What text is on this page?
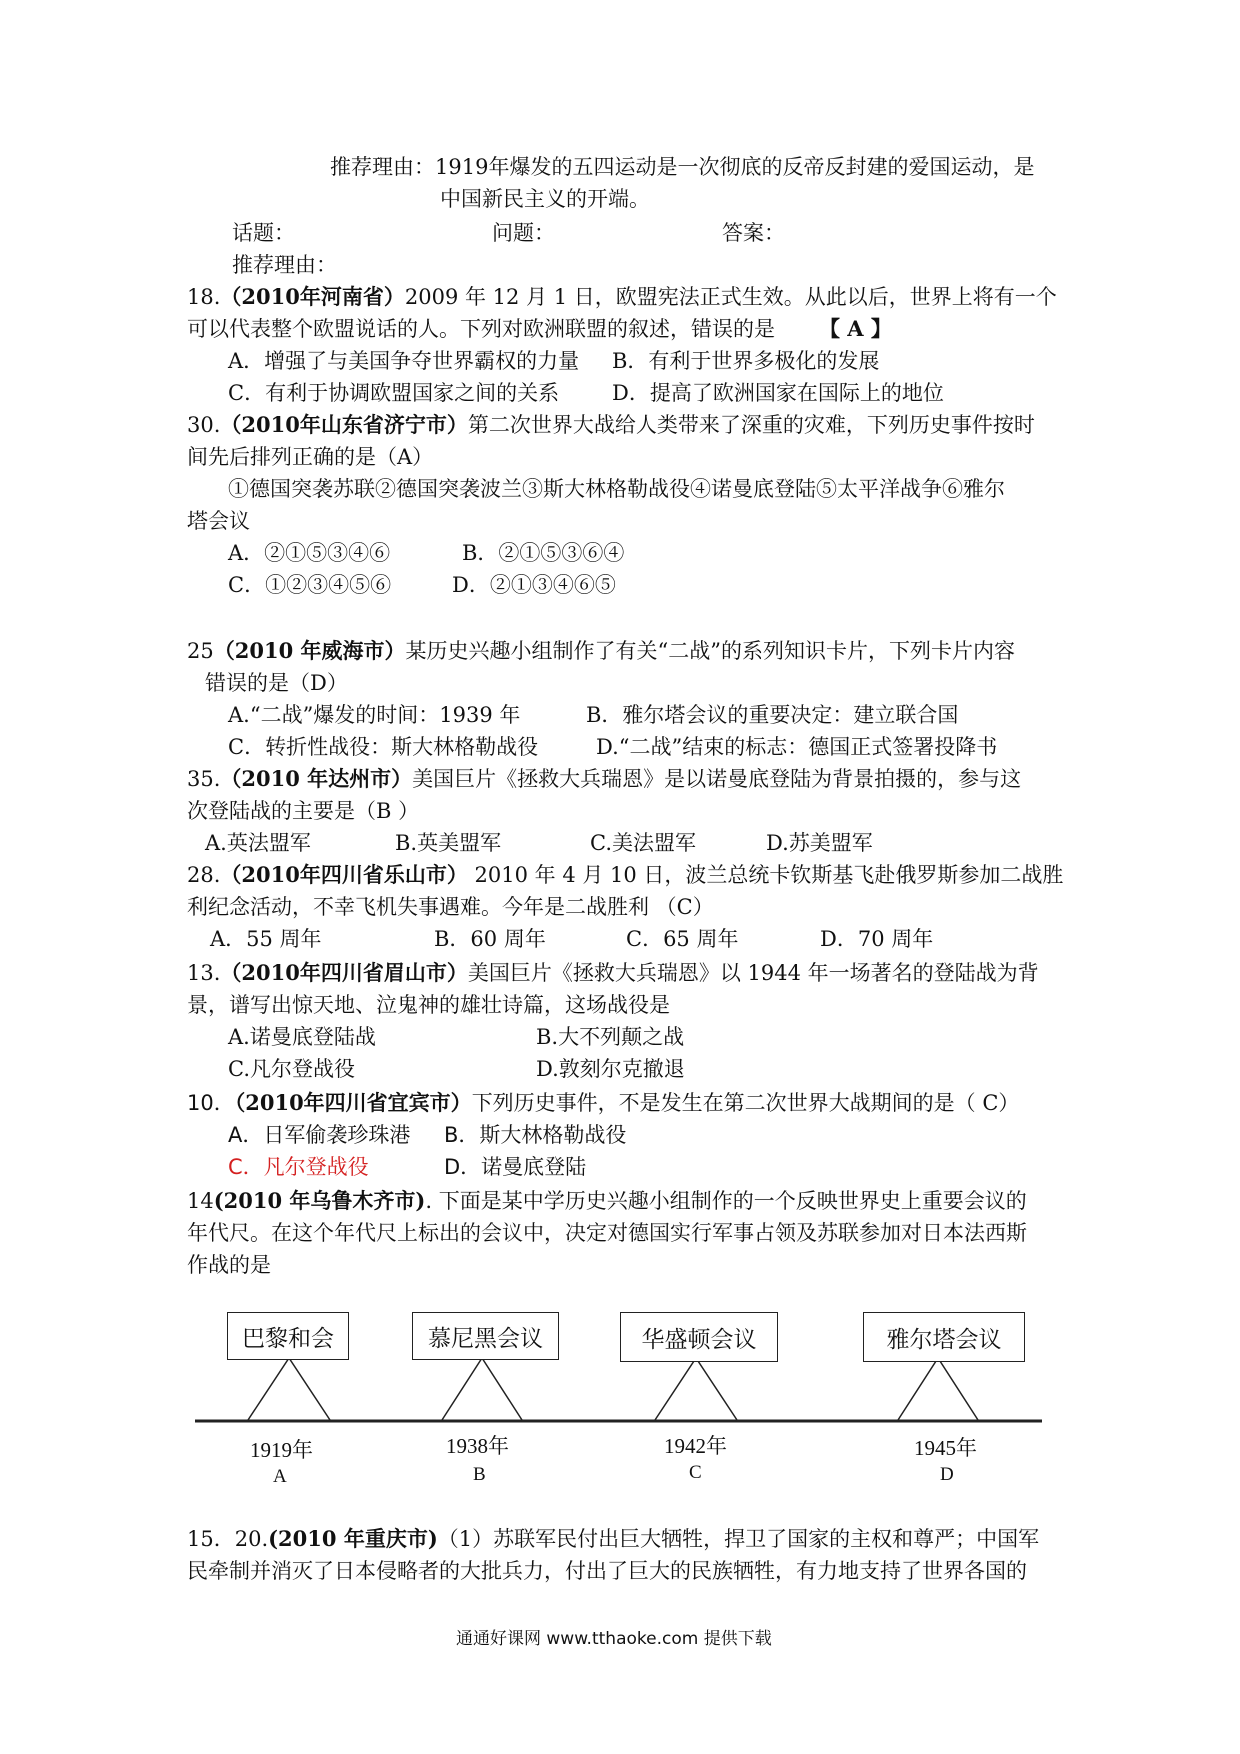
推荐理由：1919年爆发的五四运动是一次彻底的反帝反封建的爱国运动，是
中国新民主义的开端。
话题：	问题：	答案：
推荐理由：
18.（2010年河南省）2009 年 12 月 1 日，欧盟宪法正式生效。从此以后，世界上将有一个
可以代表整个欧盟说话的人。下列对欧洲联盟的叙述，错误的是 【 A 】
A．增强了与美国争夺世界霸权的力量 B．有利于世界多极化的发展
C．有利于协调欧盟国家之间的关系	D．提高了欧洲国家在国际上的地位
30.（2010年山东省济宁市）第二次世界大战给人类带来了深重的灾难，下列历史事件按时
间先后排列正确的是（A）
①德国突袭苏联②德国突袭波兰③斯大林格勒战役④诺曼底登陆⑤太平洋战争⑥雅尔
塔会议
A．②①⑤③④⑥	B．②①⑤③⑥④
C．①②③④⑤⑥	D．②①③④⑥⑤
25（2010 年威海市）某历史兴趣小组制作了有关“二战”的系列知识卡片，下列卡片内容
错误的是（D）
A.“二战”爆发的时间：1939 年	B．雅尔塔会议的重要决定：建立联合国
C．转折性战役：斯大林格勒战役	D.“二战”结束的标志：德国正式签署投降书
35.（2010 年达州市）美国巨片《拯救大兵瑞恩》是以诺曼底登陆为背景拍摄的，参与这
次登陆战的主要是（B ）
A.英法盟军	B.英美盟军	C.美法盟军	D.苏美盟军
28.（2010年四川省乐山市） 2010 年 4 月 10 日，波兰总统卡钦斯基飞赴俄罗斯参加二战胜
利纪念活动，不幸飞机失事遇难。今年是二战胜利 （C）
A．55 周年	B．60 周年	C．65 周年	D．70 周年
13.（2010年四川省眉山市）美国巨片《拯救大兵瑞恩》以 1944 年一场著名的登陆战为背
景，谱写出惊天地、泣鬼神的雄壮诗篇，这场战役是
A.诺曼底登陆战	B.大不列颠之战
C.凡尔登战役	D.敦刻尔克撤退
10．（2010年四川省宜宾市）下列历史事件，不是发生在第二次世界大战期间的是（ C）
A．日军偷袭珍珠港 B．斯大林格勒战役
C．凡尔登战役	D．诺曼底登陆
14(2010 年乌鲁木齐市). 下面是某中学历史兴趣小组制作的一个反映世界史上重要会议的
年代尺。在这个年代尺上标出的会议中，决定对德国实行军事占领及苏联参加对日本法西斯
作战的是
巴黎和会	慕尼黑会议	华盛顿会议	雅尔塔会议
1919年	1938年	1942年	1945年
A	B	C	D
15．20.(2010 年重庆市)（1）苏联军民付出巨大牺牲，捍卫了国家的主权和尊严；中国军
民牵制并消灭了日本侵略者的大批兵力，付出了巨大的民族牺牲，有力地支持了世界各国的
通通好课网 www.tthaoke.com 提供下载
